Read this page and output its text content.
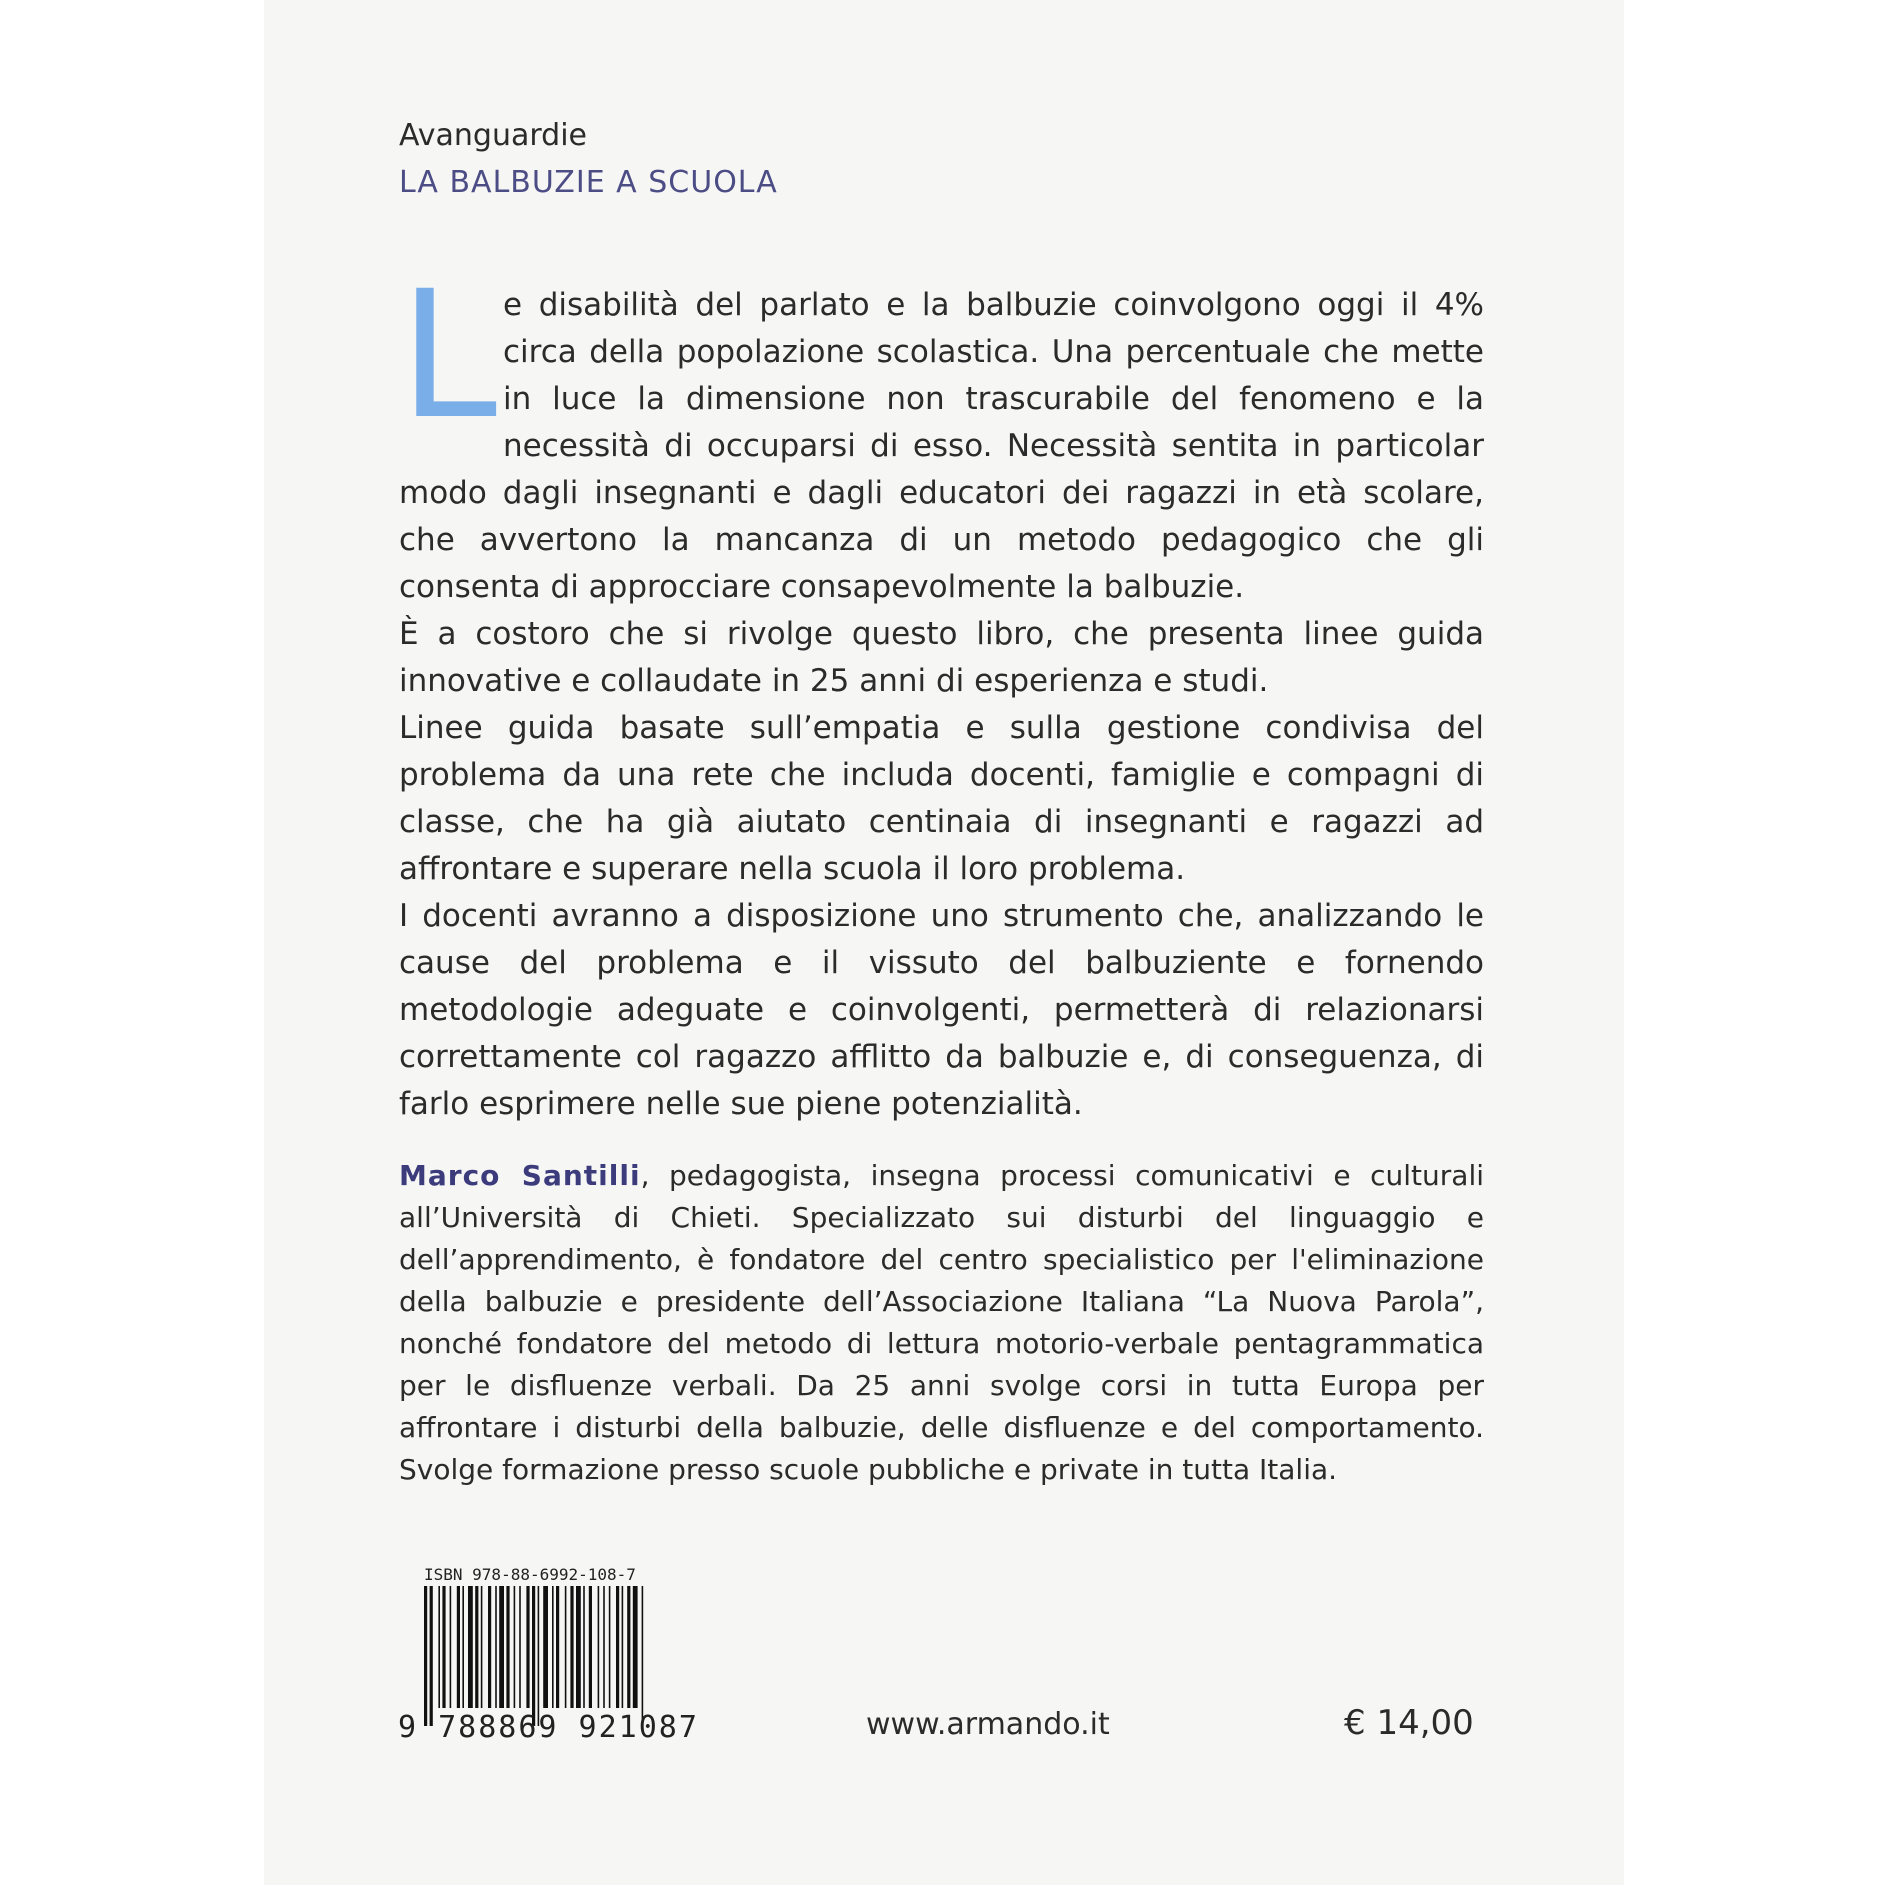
Avanguardie
LA BALBUZIE A SCUOLA

Le disabilità del parlato e la balbuzie coinvolgono oggi il 4% circa della popolazione scolastica. Una percentuale che mette in luce la dimensione non trascurabile del fenomeno e la necessità di occuparsi di esso. Necessità sentita in particolar modo dagli insegnanti e dagli educatori dei ragazzi in età scolare, che avvertono la mancanza di un metodo pedagogico che gli consenta di approcciare consapevolmente la balbuzie.

È a costoro che si rivolge questo libro, che presenta linee guida innovative e collaudate in 25 anni di esperienza e studi.

Linee guida basate sull’empatia e sulla gestione condivisa del problema da una rete che includa docenti, famiglie e compagni di classe, che ha già aiutato centinaia di insegnanti e ragazzi ad affrontare e superare nella scuola il loro problema.

I docenti avranno a disposizione uno strumento che, analizzando le cause del problema e il vissuto del balbuziente e fornendo metodologie adeguate e coinvolgenti, permetterà di relazionarsi correttamente col ragazzo afflitto da balbuzie e, di conseguenza, di farlo esprimere nelle sue piene potenzialità.

Marco Santilli, pedagogista, insegna processi comunicativi e culturali all’Università di Chieti. Specializzato sui disturbi del linguaggio e dell’apprendimento, è fondatore del centro specialistico per l'eliminazione della balbuzie e presidente dell’Associazione Italiana “La Nuova Parola”, nonché fondatore del metodo di lettura motorio-verbale pentagrammatica per le disfluenze verbali. Da 25 anni svolge corsi in tutta Europa per affrontare i disturbi della balbuzie, delle disfluenze e del comportamento. Svolge formazione presso scuole pubbliche e private in tutta Italia.

ISBN 978-88-6992-108-7
9 788869 921087	www.armando.it	€ 14,00
